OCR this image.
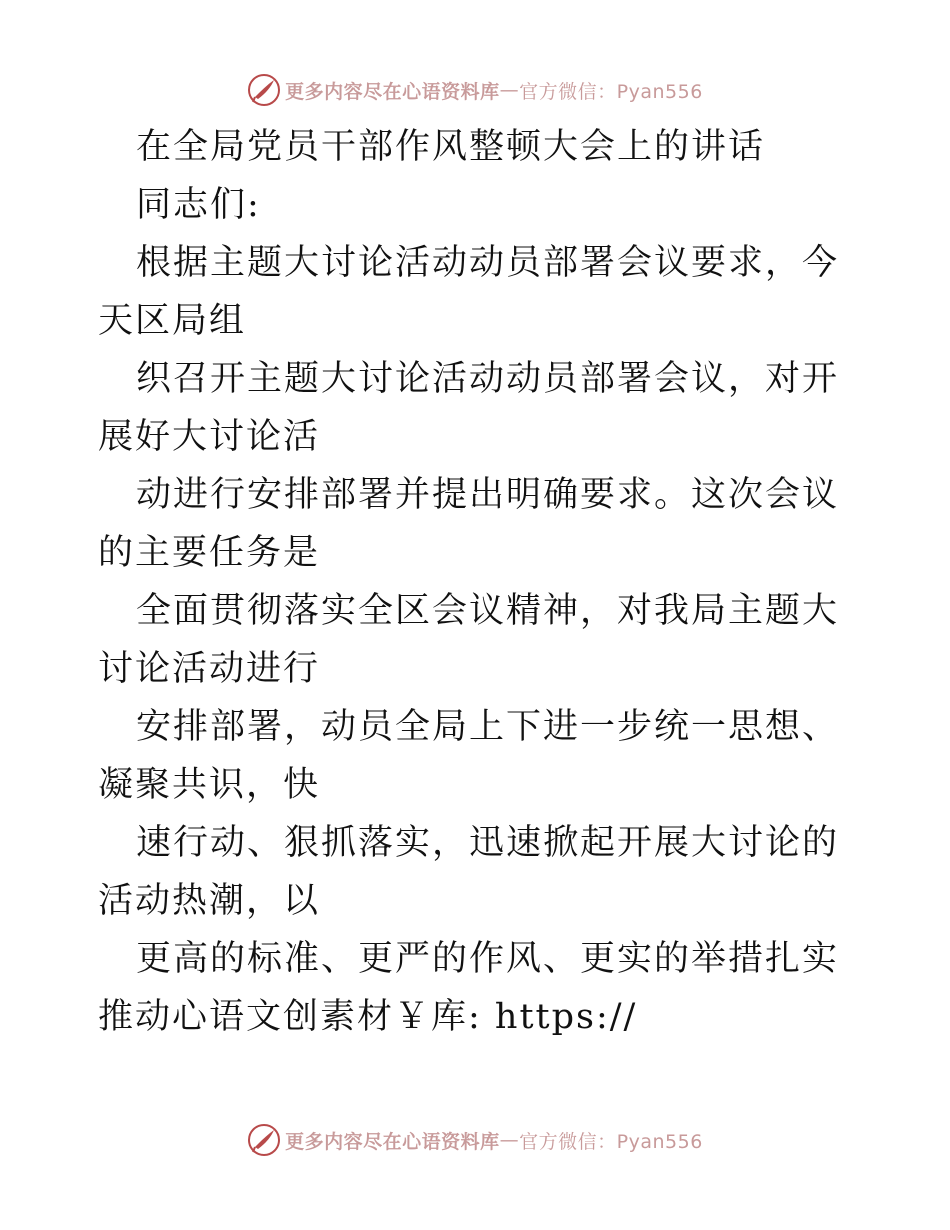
更多内容尽在心语资料库 — 官方微信：Pyan556

在全局党员干部作风整顿大会上的讲话

同志们:

根据主题大讨论活动动员部署会议要求，今天区局组

织召开主题大讨论活动动员部署会议，对开展好大讨论活

动进行安排部署并提出明确要求。这次会议的主要任务是

全面贯彻落实全区会议精神，对我局主题大讨论活动进行

安排部署，动员全局上下进一步统一思想、凝聚共识，快

速行动、狠抓落实，迅速掀起开展大讨论的活动热潮，以

更高的标准、更严的作风、更实的举措扎实推动心语文创素材￥库: https://

更多内容尽在心语资料库 — 官方微信：Pyan556
